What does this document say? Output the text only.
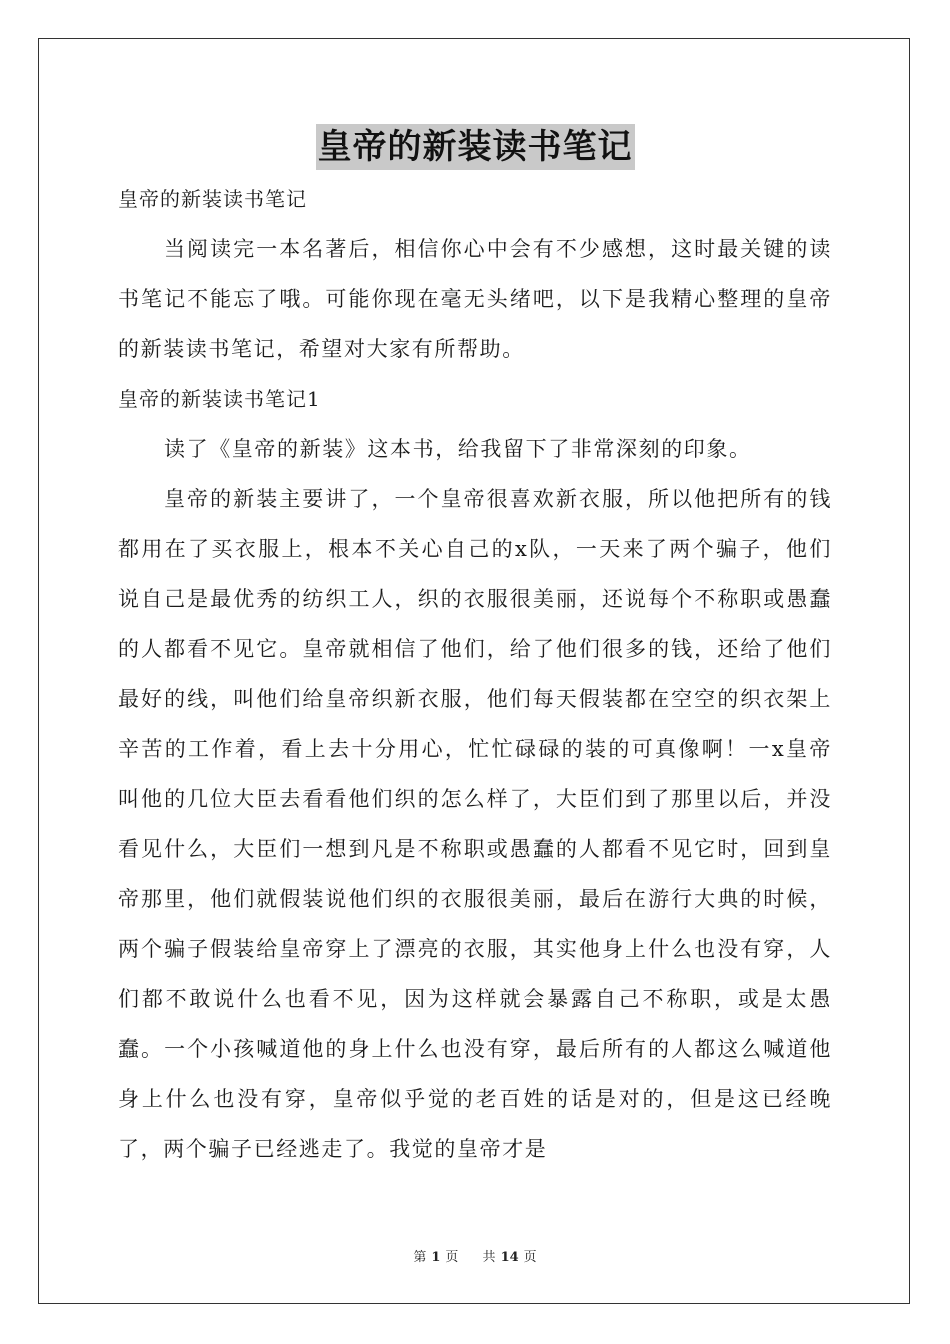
皇帝的新装读书笔记

皇帝的新装读书笔记

当阅读完一本名著后，相信你心中会有不少感想，这时最关键的读书笔记不能忘了哦。可能你现在毫无头绪吧，以下是我精心整理的皇帝的新装读书笔记，希望对大家有所帮助。

皇帝的新装读书笔记1

读了《皇帝的新装》这本书，给我留下了非常深刻的印象。

皇帝的新装主要讲了，一个皇帝很喜欢新衣服，所以他把所有的钱都用在了买衣服上，根本不关心自己的x队，一天来了两个骗子，他们说自己是最优秀的纺织工人，织的衣服很美丽，还说每个不称职或愚蠢的人都看不见它。皇帝就相信了他们，给了他们很多的钱，还给了他们最好的线，叫他们给皇帝织新衣服，他们每天假装都在空空的织衣架上辛苦的工作着，看上去十分用心，忙忙碌碌的装的可真像啊！一x皇帝叫他的几位大臣去看看他们织的怎么样了，大臣们到了那里以后，并没看见什么，大臣们一想到凡是不称职或愚蠢的人都看不见它时，回到皇帝那里，他们就假装说他们织的衣服很美丽，最后在游行大典的时候，两个骗子假装给皇帝穿上了漂亮的衣服，其实他身上什么也没有穿，人们都不敢说什么也看不见，因为这样就会暴露自己不称职，或是太愚蠢。一个小孩喊道他的身上什么也没有穿，最后所有的人都这么喊道他身上什么也没有穿，皇帝似乎觉的老百姓的话是对的，但是这已经晚了，两个骗子已经逃走了。我觉的皇帝才是

第 1 页 共 14 页
